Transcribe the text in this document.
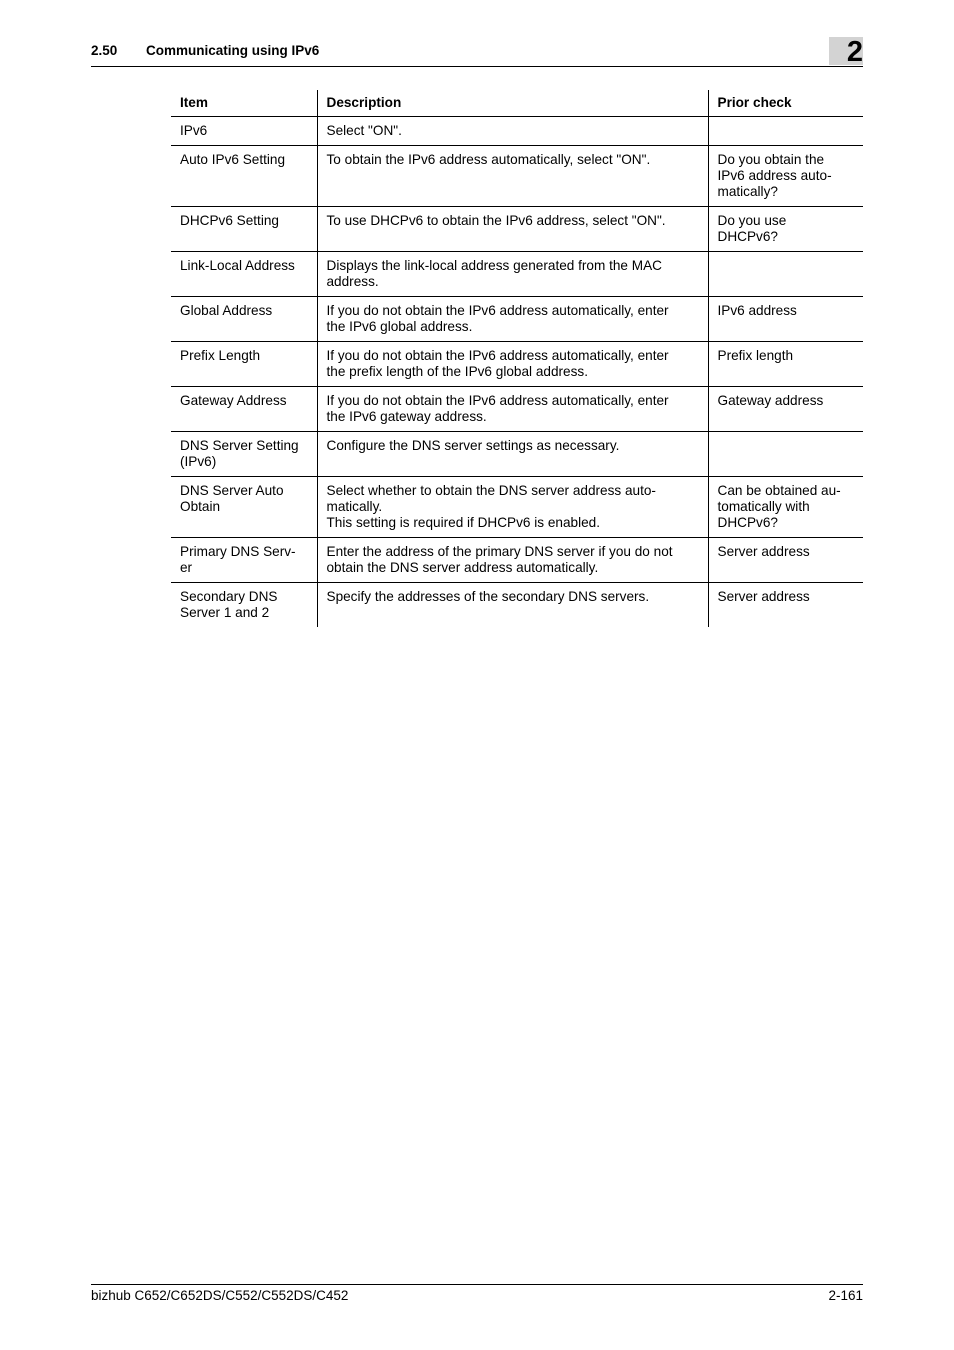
2.50 Communicating using IPv6	2
Item	Description	Prior check
IPv6	Select "ON".	
Auto IPv6 Setting	To obtain the IPv6 address automatically, select "ON".	Do you obtain the
IPv6 address auto-
matically?
DHCPv6 Setting	To use DHCPv6 to obtain the IPv6 address, select "ON".	Do you use
DHCPv6?
Link-Local Address	Displays the link-local address generated from the MAC
address.	
Global Address	If you do not obtain the IPv6 address automatically, enter
the IPv6 global address.	IPv6 address
Prefix Length	If you do not obtain the IPv6 address automatically, enter
the prefix length of the IPv6 global address.	Prefix length
Gateway Address	If you do not obtain the IPv6 address automatically, enter
the IPv6 gateway address.	Gateway address
DNS Server Setting
(IPv6)	Configure the DNS server settings as necessary.	
DNS Server Auto
Obtain	Select whether to obtain the DNS server address auto-
matically.
This setting is required if DHCPv6 is enabled.	Can be obtained au-
tomatically with
DHCPv6?
Primary DNS Serv-
er	Enter the address of the primary DNS server if you do not
obtain the DNS server address automatically.	Server address
Secondary DNS
Server 1 and 2	Specify the addresses of the secondary DNS servers.	Server address
bizhub C652/C652DS/C552/C552DS/C452	2-161
